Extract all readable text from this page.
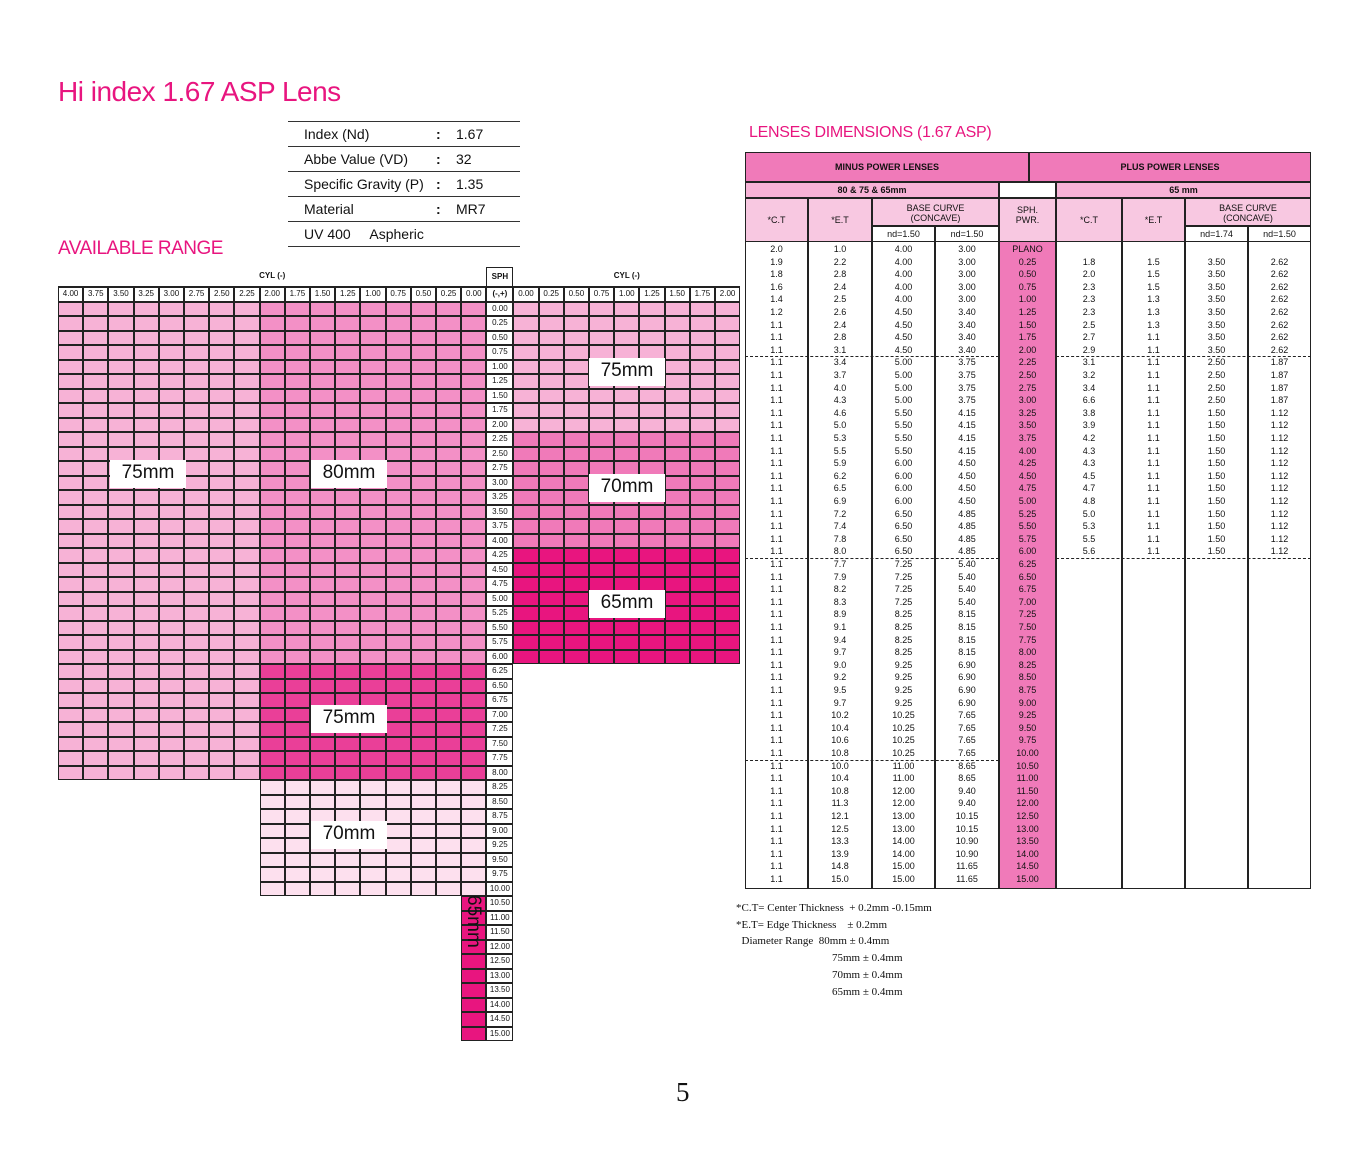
Hi index 1.67 ASP Lens
Index (Nd)	:	1.67
Abbe Value (VD)	:	32
Specific Gravity (P)	:	1.35
Material	:	MR7
UV 400     Aspheric		
AVAILABLE RANGE
LENSES DIMENSIONS (1.67 ASP)
CYL (-)	SPH	CYL (-)
4.00	3.75	3.50	3.25	3.00	2.75	2.50	2.25	2.00	1.75	1.50	1.25	1.00	0.75	0.50	0.25	0.00	(-,+)	0.00	0.25	0.50	0.75	1.00	1.25	1.50	1.75	2.00
0.00
0.25
0.50
0.75
1.00
1.25
1.50
1.75
2.00
2.25
2.50
2.75
3.00
3.25
3.50
3.75
4.00
4.25
4.50
4.75
5.00
5.25
5.50
5.75
6.00
6.25
6.50
6.75
7.00
7.25
7.50
7.75
8.00
8.25
8.50
8.75
9.00
9.25
9.50
9.75
10.00
10.50
11.00
11.50
12.00
12.50
13.00
13.50
14.00
14.50
15.00
75mm	80mm
75mm
70mm
65mm
75mm
70mm
65mm
MINUS POWER LENSES	PLUS POWER LENSES
80 & 75 & 65mm	65 mm
*C.T	*E.T
BASE CURVE
(CONCAVE)
nd=1.50	nd=1.50
SPH.
PWR.	*C.T	*E.T
BASE CURVE
(CONCAVE)
nd=1.74	nd=1.50
2.0	1.0	4.00	3.00	PLANO
1.9	2.2	4.00	3.00	0.25	1.8	1.5	3.50	2.62
1.8	2.8	4.00	3.00	0.50	2.0	1.5	3.50	2.62
1.6	2.4	4.00	3.00	0.75	2.3	1.5	3.50	2.62
1.4	2.5	4.00	3.00	1.00	2.3	1.3	3.50	2.62
1.2	2.6	4.50	3.40	1.25	2.3	1.3	3.50	2.62
1.1	2.4	4.50	3.40	1.50	2.5	1.3	3.50	2.62
1.1	2.8	4.50	3.40	1.75	2.7	1.1	3.50	2.62
1.1	3.1	4.50	3.40	2.00	2.9	1.1	3.50	2.62
1.1	3.4	5.00	3.75	2.25	3.1	1.1	2.50	1.87
1.1	3.7	5.00	3.75	2.50	3.2	1.1	2.50	1.87
1.1	4.0	5.00	3.75	2.75	3.4	1.1	2.50	1.87
1.1	4.3	5.00	3.75	3.00	6.6	1.1	2.50	1.87
1.1	4.6	5.50	4.15	3.25	3.8	1.1	1.50	1.12
1.1	5.0	5.50	4.15	3.50	3.9	1.1	1.50	1.12
1.1	5.3	5.50	4.15	3.75	4.2	1.1	1.50	1.12
1.1	5.5	5.50	4.15	4.00	4.3	1.1	1.50	1.12
1.1	5.9	6.00	4.50	4.25	4.3	1.1	1.50	1.12
1.1	6.2	6.00	4.50	4.50	4.5	1.1	1.50	1.12
1.1	6.5	6.00	4.50	4.75	4.7	1.1	1.50	1.12
1.1	6.9	6.00	4.50	5.00	4.8	1.1	1.50	1.12
1.1	7.2	6.50	4.85	5.25	5.0	1.1	1.50	1.12
1.1	7.4	6.50	4.85	5.50	5.3	1.1	1.50	1.12
1.1	7.8	6.50	4.85	5.75	5.5	1.1	1.50	1.12
1.1	8.0	6.50	4.85	6.00	5.6	1.1	1.50	1.12
1.1	7.7	7.25	5.40	6.25
1.1	7.9	7.25	5.40	6.50
1.1	8.2	7.25	5.40	6.75
1.1	8.3	7.25	5.40	7.00
1.1	8.9	8.25	8.15	7.25
1.1	9.1	8.25	8.15	7.50
1.1	9.4	8.25	8.15	7.75
1.1	9.7	8.25	8.15	8.00
1.1	9.0	9.25	6.90	8.25
1.1	9.2	9.25	6.90	8.50
1.1	9.5	9.25	6.90	8.75
1.1	9.7	9.25	6.90	9.00
1.1	10.2	10.25	7.65	9.25
1.1	10.4	10.25	7.65	9.50
1.1	10.6	10.25	7.65	9.75
1.1	10.8	10.25	7.65	10.00
1.1	10.0	11.00	8.65	10.50
1.1	10.4	11.00	8.65	11.00
1.1	10.8	12.00	9.40	11.50
1.1	11.3	12.00	9.40	12.00
1.1	12.1	13.00	10.15	12.50
1.1	12.5	13.00	10.15	13.00
1.1	13.3	14.00	10.90	13.50
1.1	13.9	14.00	10.90	14.00
1.1	14.8	15.00	11.65	14.50
1.1	15.0	15.00	11.65	15.00
*C.T= Center Thickness  + 0.2mm -0.15mm
*E.T= Edge Thickness    ± 0.2mm
Diameter Range  80mm ± 0.4mm
75mm ± 0.4mm
70mm ± 0.4mm
65mm ± 0.4mm
5
